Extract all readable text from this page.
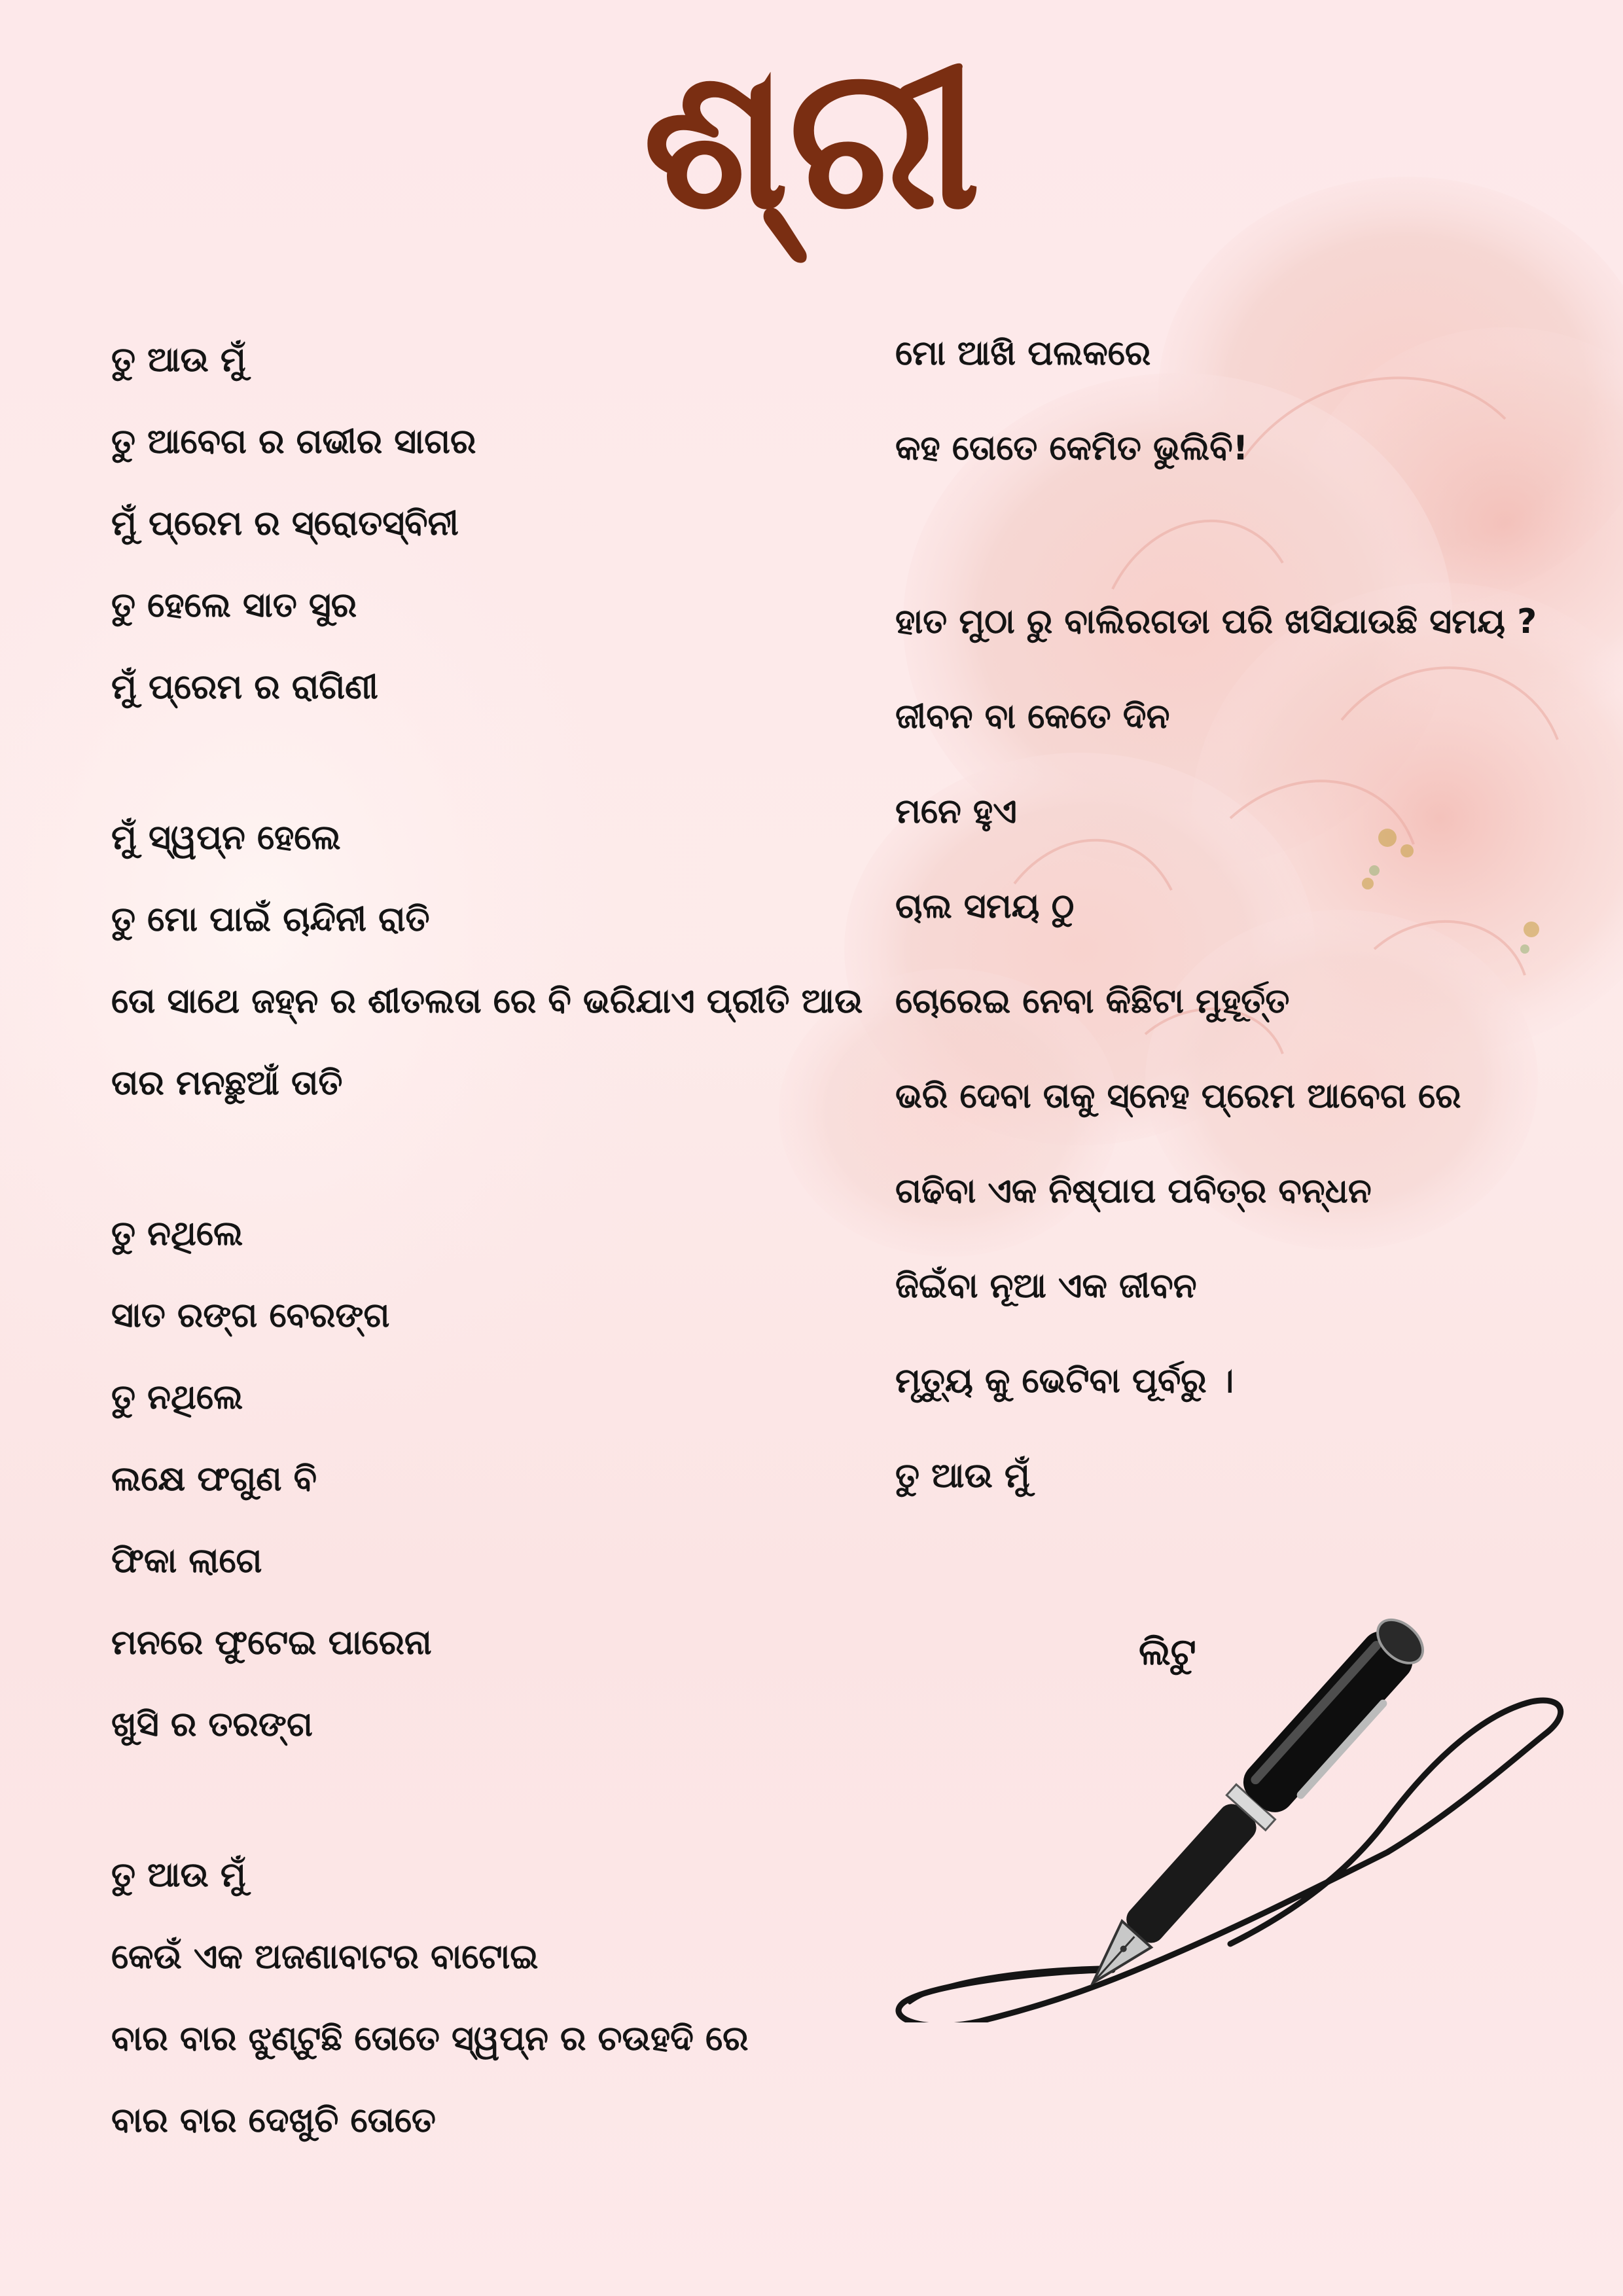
ଶ୍ରୀ
ତୁ ଆଉ ମୁଁ
ତୁ ଆବେଗ ର ଗଭୀର ସାଗର
ମୁଁ ପ୍ରେମ ର ସ୍ରୋତସ୍ବିନୀ
ତୁ ହେଲେ ସାତ ସୁର
ମୁଁ ପ୍ରେମ ର ରାଗିଣୀ
ମୁଁ ସ୍ୱପ୍ନ ହେଲେ
ତୁ ମୋ ପାଇଁ ଚାନ୍ଦିନୀ ରାତି
ତୋ ସାଥେ ଜହ୍ନ ର ଶୀତଲତା ରେ ବି ଭରିଯାଏ ପ୍ରୀତି ଆଉ
ତାର ମନଛୁଆଁ ତାତି
ତୁ ନଥିଲେ
ସାତ ରଙ୍ଗ ବେରଙ୍ଗ
ତୁ ନଥିଲେ
ଲକ୍ଷେ ଫଗୁଣ ବି
ଫିକା ଲାଗେ
ମନରେ ଫୁଟେଇ ପାରେନା
ଖୁସି ର ତରଙ୍ଗ
ତୁ ଆଉ ମୁଁ
କେଉଁ ଏକ ଅଜଣାବାଟର ବାଟୋଇ
ବାର ବାର ଝୁଣ୍ଟୁଛି ତୋତେ ସ୍ୱପ୍ନ ର ଚଉହଦି ରେ
ବାର ବାର ଦେଖୁଚି ତୋତେ
ମୋ ଆଖି ପଲକରେ
କହ ତୋତେ କେମିତ ଭୁଲିବି!
ହାତ ମୁଠା ରୁ ବାଲିରଗଡା ପରି ଖସିଯାଉଛି ସମୟ ?
ଜୀବନ ବା କେତେ ଦିନ
ମନେ ହୁଏ
ଚାଲ ସମୟ ଠୁ
ଚୋରେଇ ନେବା କିଛିଟା ମୁହୂର୍ତ୍ତ
ଭରି ଦେବା ତାକୁ ସ୍ନେହ ପ୍ରେମ ଆବେଗ ରେ
ଗଢିବା ଏକ ନିଷ୍ପାପ ପବିତ୍ର ବନ୍ଧନ
ଜିଇଁବା ନୂଆ ଏକ ଜୀବନ
ମୃତ୍ୟୁ କୁ ଭେଟିବା ପୂର୍ବରୁ ।
ତୁ ଆଉ ମୁଁ
ଲିଟୁ
